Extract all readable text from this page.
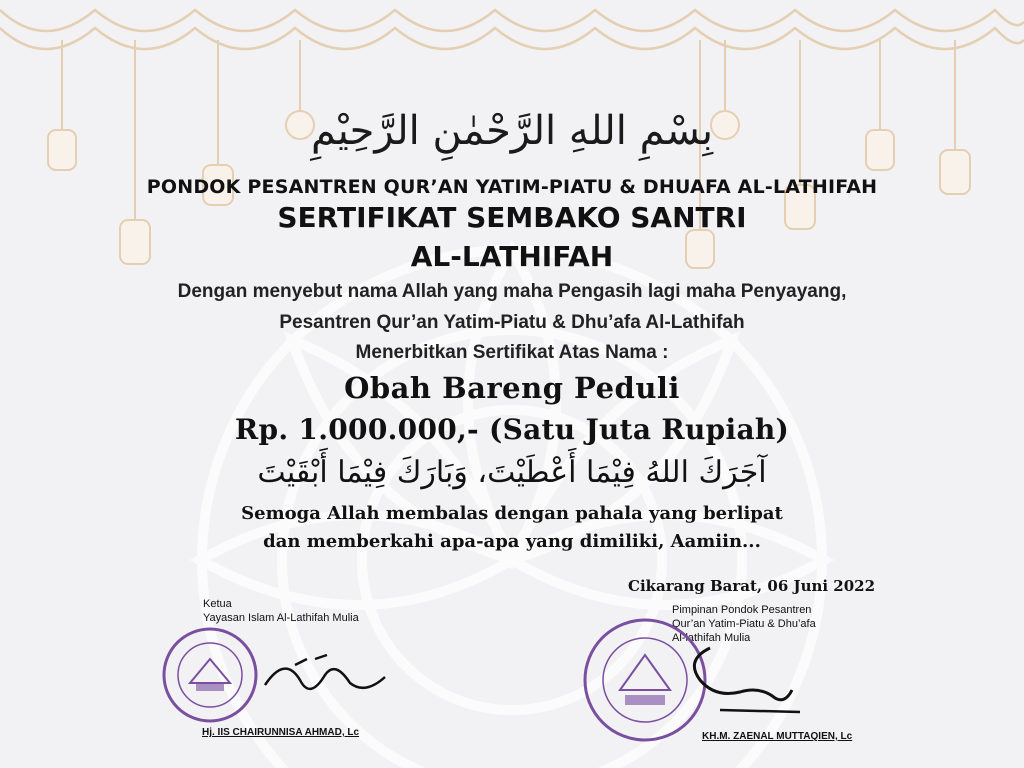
بِسْمِ اللهِ الرَّحْمٰنِ الرَّحِيْمِ
PONDOK PESANTREN QUR’AN YATIM-PIATU & DHUAFA AL-LATHIFAH
SERTIFIKAT SEMBAKO SANTRI
AL-LATHIFAH
Dengan menyebut nama Allah yang maha Pengasih lagi maha Penyayang,
Pesantren Qur’an Yatim-Piatu & Dhu’afa Al-Lathifah
Menerbitkan Sertifikat Atas Nama :
Obah Bareng Peduli
Rp. 1.000.000,- (Satu Juta Rupiah)
آجَرَكَ اللهُ فِيْمَا أَعْطَيْتَ، وَبَارَكَ فِيْمَا أَبْقَيْتَ
Semoga Allah membalas dengan pahala yang berlipat
dan memberkahi apa-apa yang dimiliki, Aamiin...
Cikarang Barat, 06 Juni 2022
Ketua
Yayasan Islam Al-Lathifah Mulia
Hj. IIS CHAIRUNNISA AHMAD, Lc
Pimpinan Pondok Pesantren
Qur’an Yatim-Piatu & Dhu’afa
Al-lathifah Mulia
KH.M. ZAENAL MUTTAQIEN, Lc
